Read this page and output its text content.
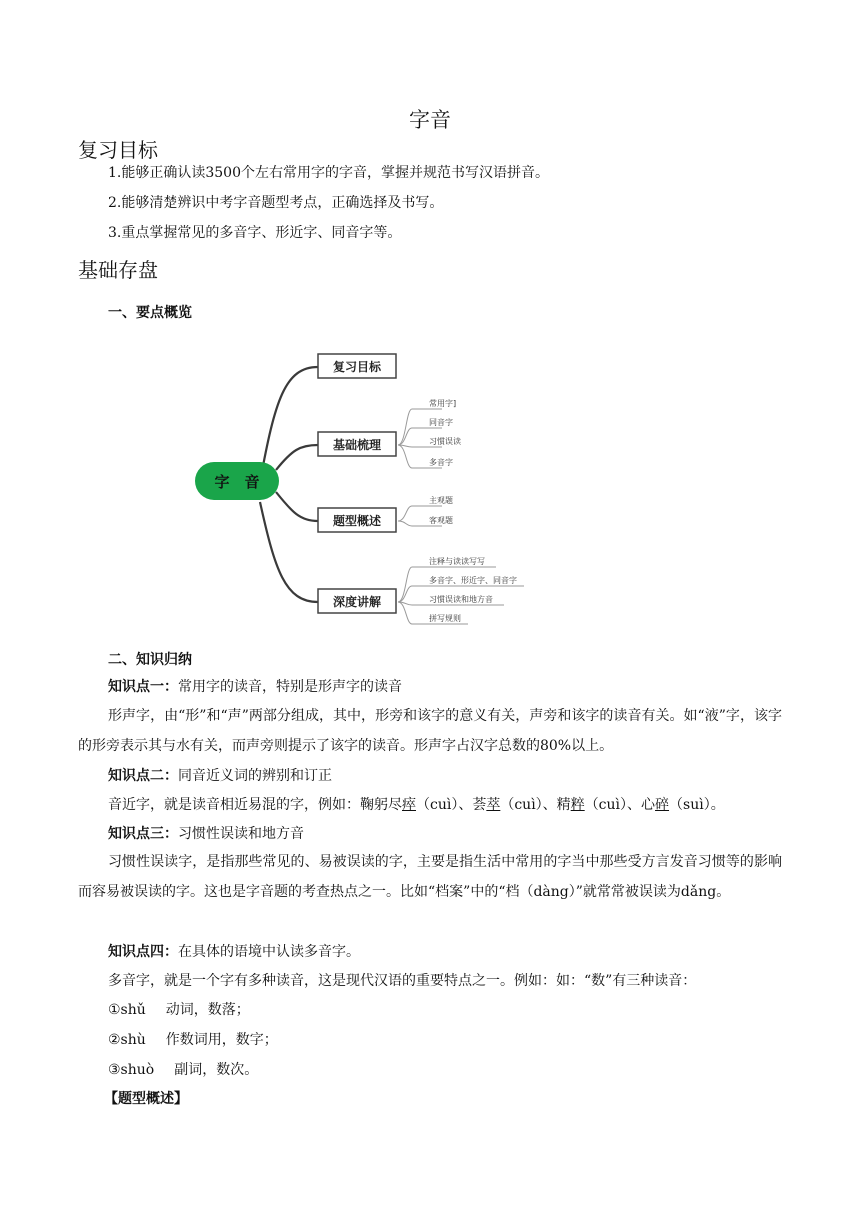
字音
复习目标
1.能够正确认读3500个左右常用字的字音，掌握并规范书写汉语拼音。
2.能够清楚辨识中考字音题型考点，正确选择及书写。
3.重点掌握常见的多音字、形近字、同音字等。
基础存盘
一、要点概览
字　音
复习目标
基础梳理
题型概述
深度讲解
常用字]
同音字
习惯误读
多音字
主观题
客观题
注释与读读写写
多音字、形近字、同音字
习惯误读和地方音
拼写规则
二、知识归纳
知识点一：常用字的读音，特别是形声字的读音
形声字，由“形”和“声”两部分组成，其中，形旁和该字的意义有关，声旁和该字的读音有关。如“液”字，该字的形旁表示其与水有关，而声旁则提示了该字的读音。形声字占汉字总数的80%以上。
知识点二：同音近义词的辨别和订正
音近字，就是读音相近易混的字，例如：鞠躬尽瘁（cuì）、荟萃（cuì）、精粹（cuì）、心碎（suì）。
知识点三：习惯性误读和地方音
习惯性误读字，是指那些常见的、易被误读的字，主要是指生活中常用的字当中那些受方言发音习惯等的影响而容易被误读的字。这也是字音题的考查热点之一。比如“档案”中的“档（dàng）”就常常被误读为dǎng。
知识点四：在具体的语境中认读多音字。
多音字，就是一个字有多种读音，这是现代汉语的重要特点之一。例如：如：“数”有三种读音：
①shǔ 动词，数落；
②shù 作数词用，数字；
③shuò 副词，数次。
【题型概述】
